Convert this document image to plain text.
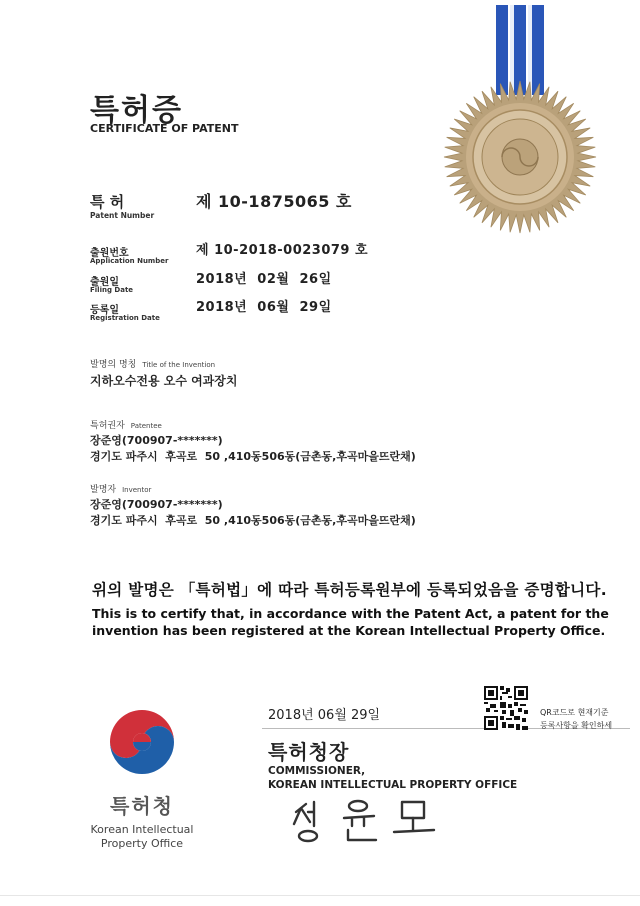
특허증
CERTIFICATE OF PATENT
특 허
Patent Number
제 10-1875065 호
출원번호
Application Number
제 10-2018-0023079 호
출원일
Filing Date
2018년  02월  26일
등록일
Registration Date
2018년  06월  29일
발명의 명칭 Title of the Invention
지하오수전용 오수 여과장치
특허권자 Patentee
장준영(700907-*******)
경기도 파주시  후곡로  50 ,410동506동(금촌동,후곡마을뜨란채)
발명자 Inventor
장준영(700907-*******)
경기도 파주시  후곡로  50 ,410동506동(금촌동,후곡마을뜨란채)
위의 발명은 「특허법」에 따라 특허등록원부에 등록되었음을 증명합니다.
This is to certify that, in accordance with the Patent Act, a patent for the invention has been registered at the Korean Intellectual Property Office.
2018년 06월 29일
특허청장
COMMISSIONER,
KOREAN INTELLECTUAL PROPERTY OFFICE
QR코드로 현재기준
등록사항을 확인하세
특허청
Korean Intellectual
Property Office
